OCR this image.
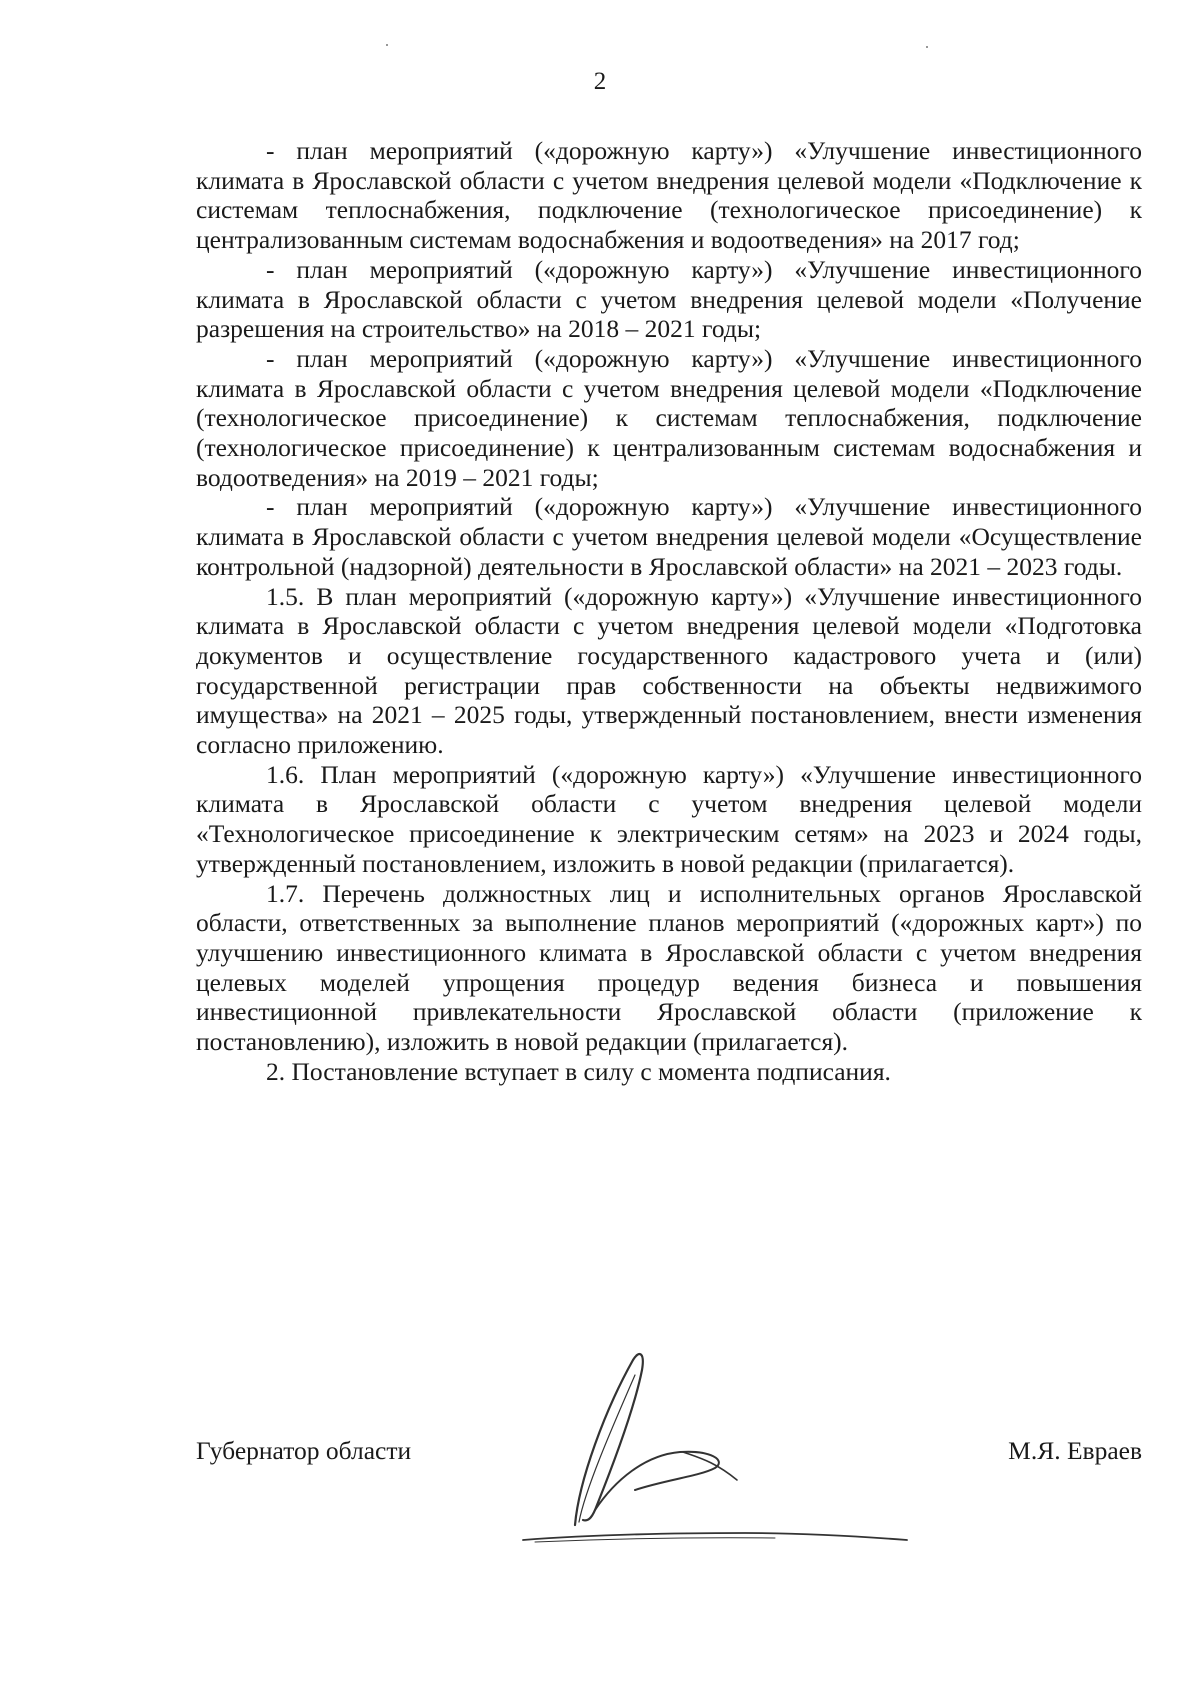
2

- план мероприятий («дорожную карту») «Улучшение инвестиционного климата в Ярославской области с учетом внедрения целевой модели «Подключение к системам теплоснабжения, подключение (технологическое присоединение) к централизованным системам водоснабжения и водоотведения» на 2017 год;

- план мероприятий («дорожную карту») «Улучшение инвестиционного климата в Ярославской области с учетом внедрения целевой модели «Получение разрешения на строительство» на 2018 – 2021 годы;

- план мероприятий («дорожную карту») «Улучшение инвестиционного климата в Ярославской области с учетом внедрения целевой модели «Подключение (технологическое присоединение) к системам теплоснабжения, подключение (технологическое присоединение) к централизованным системам водоснабжения и водоотведения» на 2019 – 2021 годы;

- план мероприятий («дорожную карту») «Улучшение инвестиционного климата в Ярославской области с учетом внедрения целевой модели «Осуществление контрольной (надзорной) деятельности в Ярославской области» на 2021 – 2023 годы.

1.5. В план мероприятий («дорожную карту») «Улучшение инвестиционного климата в Ярославской области с учетом внедрения целевой модели «Подготовка документов и осуществление государственного кадастрового учета и (или) государственной регистрации прав собственности на объекты недвижимого имущества» на 2021 – 2025 годы, утвержденный постановлением, внести изменения согласно приложению.

1.6. План мероприятий («дорожную карту») «Улучшение инвестиционного климата в Ярославской области с учетом внедрения целевой модели «Технологическое присоединение к электрическим сетям» на 2023 и 2024 годы, утвержденный постановлением, изложить в новой редакции (прилагается).

1.7. Перечень должностных лиц и исполнительных органов Ярославской области, ответственных за выполнение планов мероприятий («дорожных карт») по улучшению инвестиционного климата в Ярославской области с учетом внедрения целевых моделей упрощения процедур ведения бизнеса и повышения инвестиционной привлекательности Ярославской области (приложение к постановлению), изложить в новой редакции (прилагается).

2. Постановление вступает в силу с момента подписания.

Губернатор области	М.Я. Евраев
